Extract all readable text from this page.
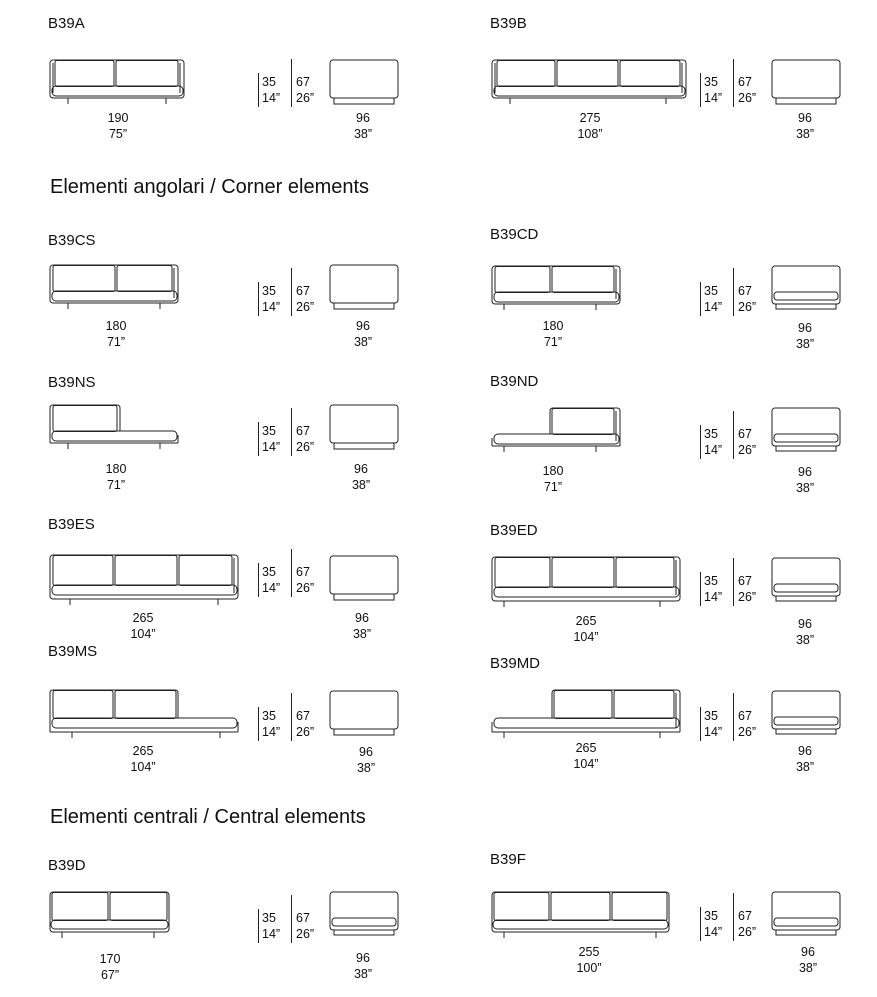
Elementi angolari / Corner elements
Elementi centrali / Central elements
B39A
35
14”
67
26”
190
75”
96
38”
B39B
35
14”
67
26”
275
108”
96
38”
B39CS
35
14”
67
26”
180
71”
96
38”
B39CD
35
14”
67
26”
180
71”
96
38”
B39NS
35
14”
67
26”
180
71”
96
38”
B39ND
35
14”
67
26”
180
71”
96
38”
B39ES
35
14”
67
26”
265
104”
96
38”
B39ED
35
14”
67
26”
265
104”
96
38”
B39MS
35
14”
67
26”
265
104”
96
38”
B39MD
35
14”
67
26”
265
104”
96
38”
B39D
35
14”
67
26”
170
67”
96
38”
B39F
35
14”
67
26”
255
100”
96
38”
